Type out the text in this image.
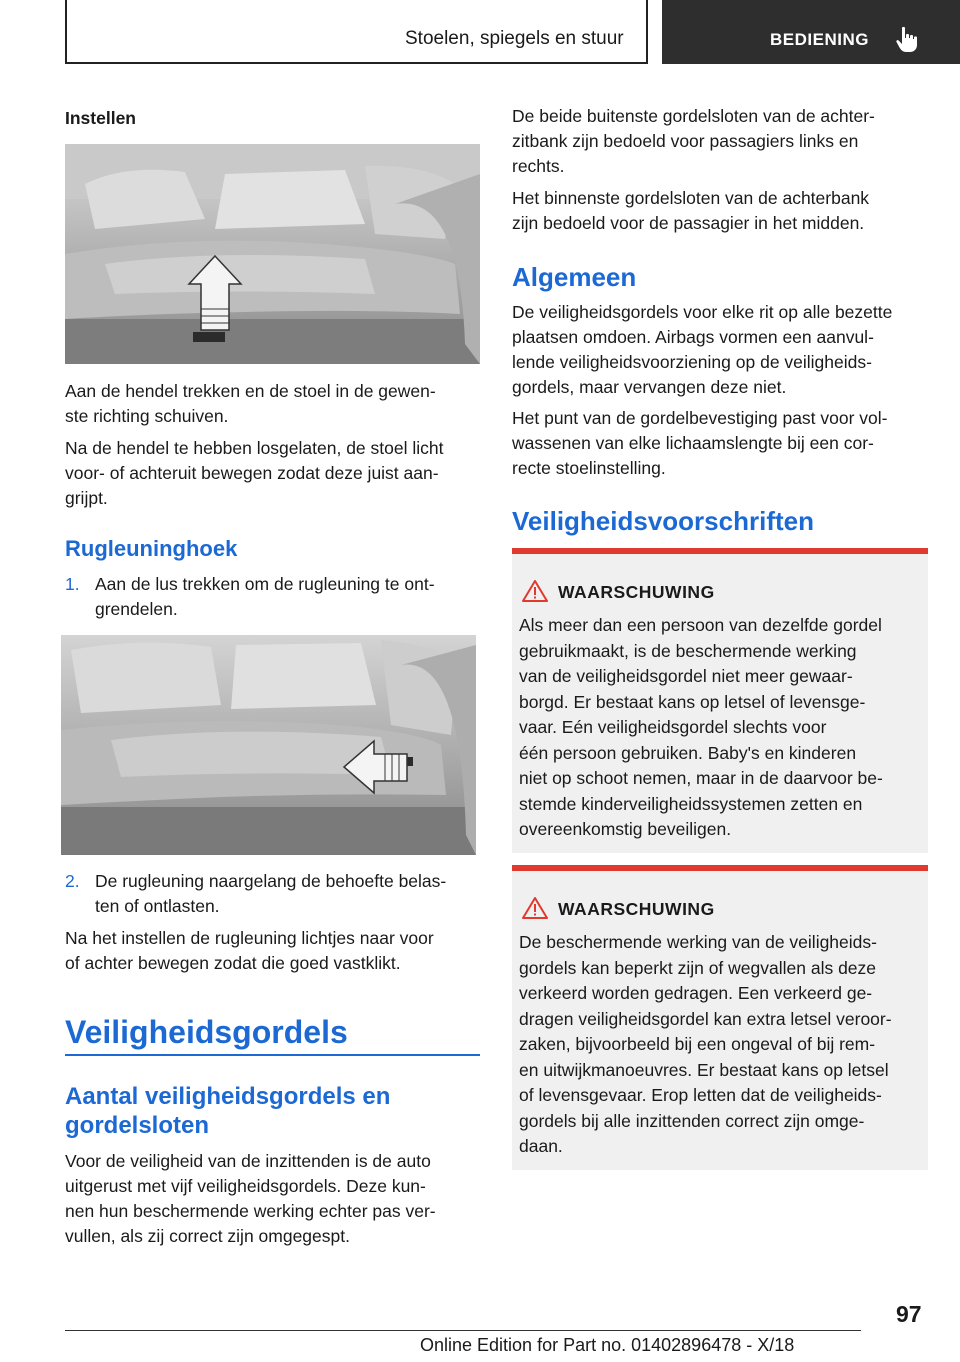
Stoelen, spiegels en stuur	BEDIENING
Instellen

Aan de hendel trekken en de stoel in de gewen-

ste richting schuiven.

Na de hendel te hebben losgelaten, de stoel licht

voor- of achteruit bewegen zodat deze juist aan-

grijpt.

Rugleuninghoek
1. Aan de lus trekken om de rugleuning te ont-

grendelen.

2. De rugleuning naargelang de behoefte belas-

ten of ontlasten.

Na het instellen de rugleuning lichtjes naar voor

of achter bewegen zodat die goed vastklikt.

Veiligheidsgordels

Aantal veiligheidsgordels en

gordelsloten

Voor de veiligheid van de inzittenden is de auto

uitgerust met vijf veiligheidsgordels. Deze kun-

nen hun beschermende werking echter pas ver-

vullen, als zij correct zijn omgegespt.

De beide buitenste gordelsloten van de achter-

zitbank zijn bedoeld voor passagiers links en

rechts.

Het binnenste gordelsloten van de achterbank

zijn bedoeld voor de passagier in het midden.

Algemeen

De veiligheidsgordels voor elke rit op alle bezette

plaatsen omdoen. Airbags vormen een aanvul-

lende veiligheidsvoorziening op de veiligheids-

gordels, maar vervangen deze niet.

Het punt van de gordelbevestiging past voor vol-

wassenen van elke lichaamslengte bij een cor-

recte stoelinstelling.

Veiligheidsvoorschriften
WAARSCHUWING

Als meer dan een persoon van dezelfde gordel

gebruikmaakt, is de beschermende werking

van de veiligheidsgordel niet meer gewaar-

borgd. Er bestaat kans op letsel of levensge-

vaar. Eén veiligheidsgordel slechts voor

één persoon gebruiken. Baby's en kinderen

niet op schoot nemen, maar in de daarvoor be-

stemde kinderveiligheidssystemen zetten en

overeenkomstig beveiligen.

WAARSCHUWING

De beschermende werking van de veiligheids-

gordels kan beperkt zijn of wegvallen als deze

verkeerd worden gedragen. Een verkeerd ge-

dragen veiligheidsgordel kan extra letsel veroor-

zaken, bijvoorbeeld bij een ongeval of bij rem-

en uitwijkmanoeuvres. Er bestaat kans op letsel

of levensgevaar. Erop letten dat de veiligheids-

gordels bij alle inzittenden correct zijn omge-

daan.

97
Online Edition for Part no. 01402896478 - X/18
